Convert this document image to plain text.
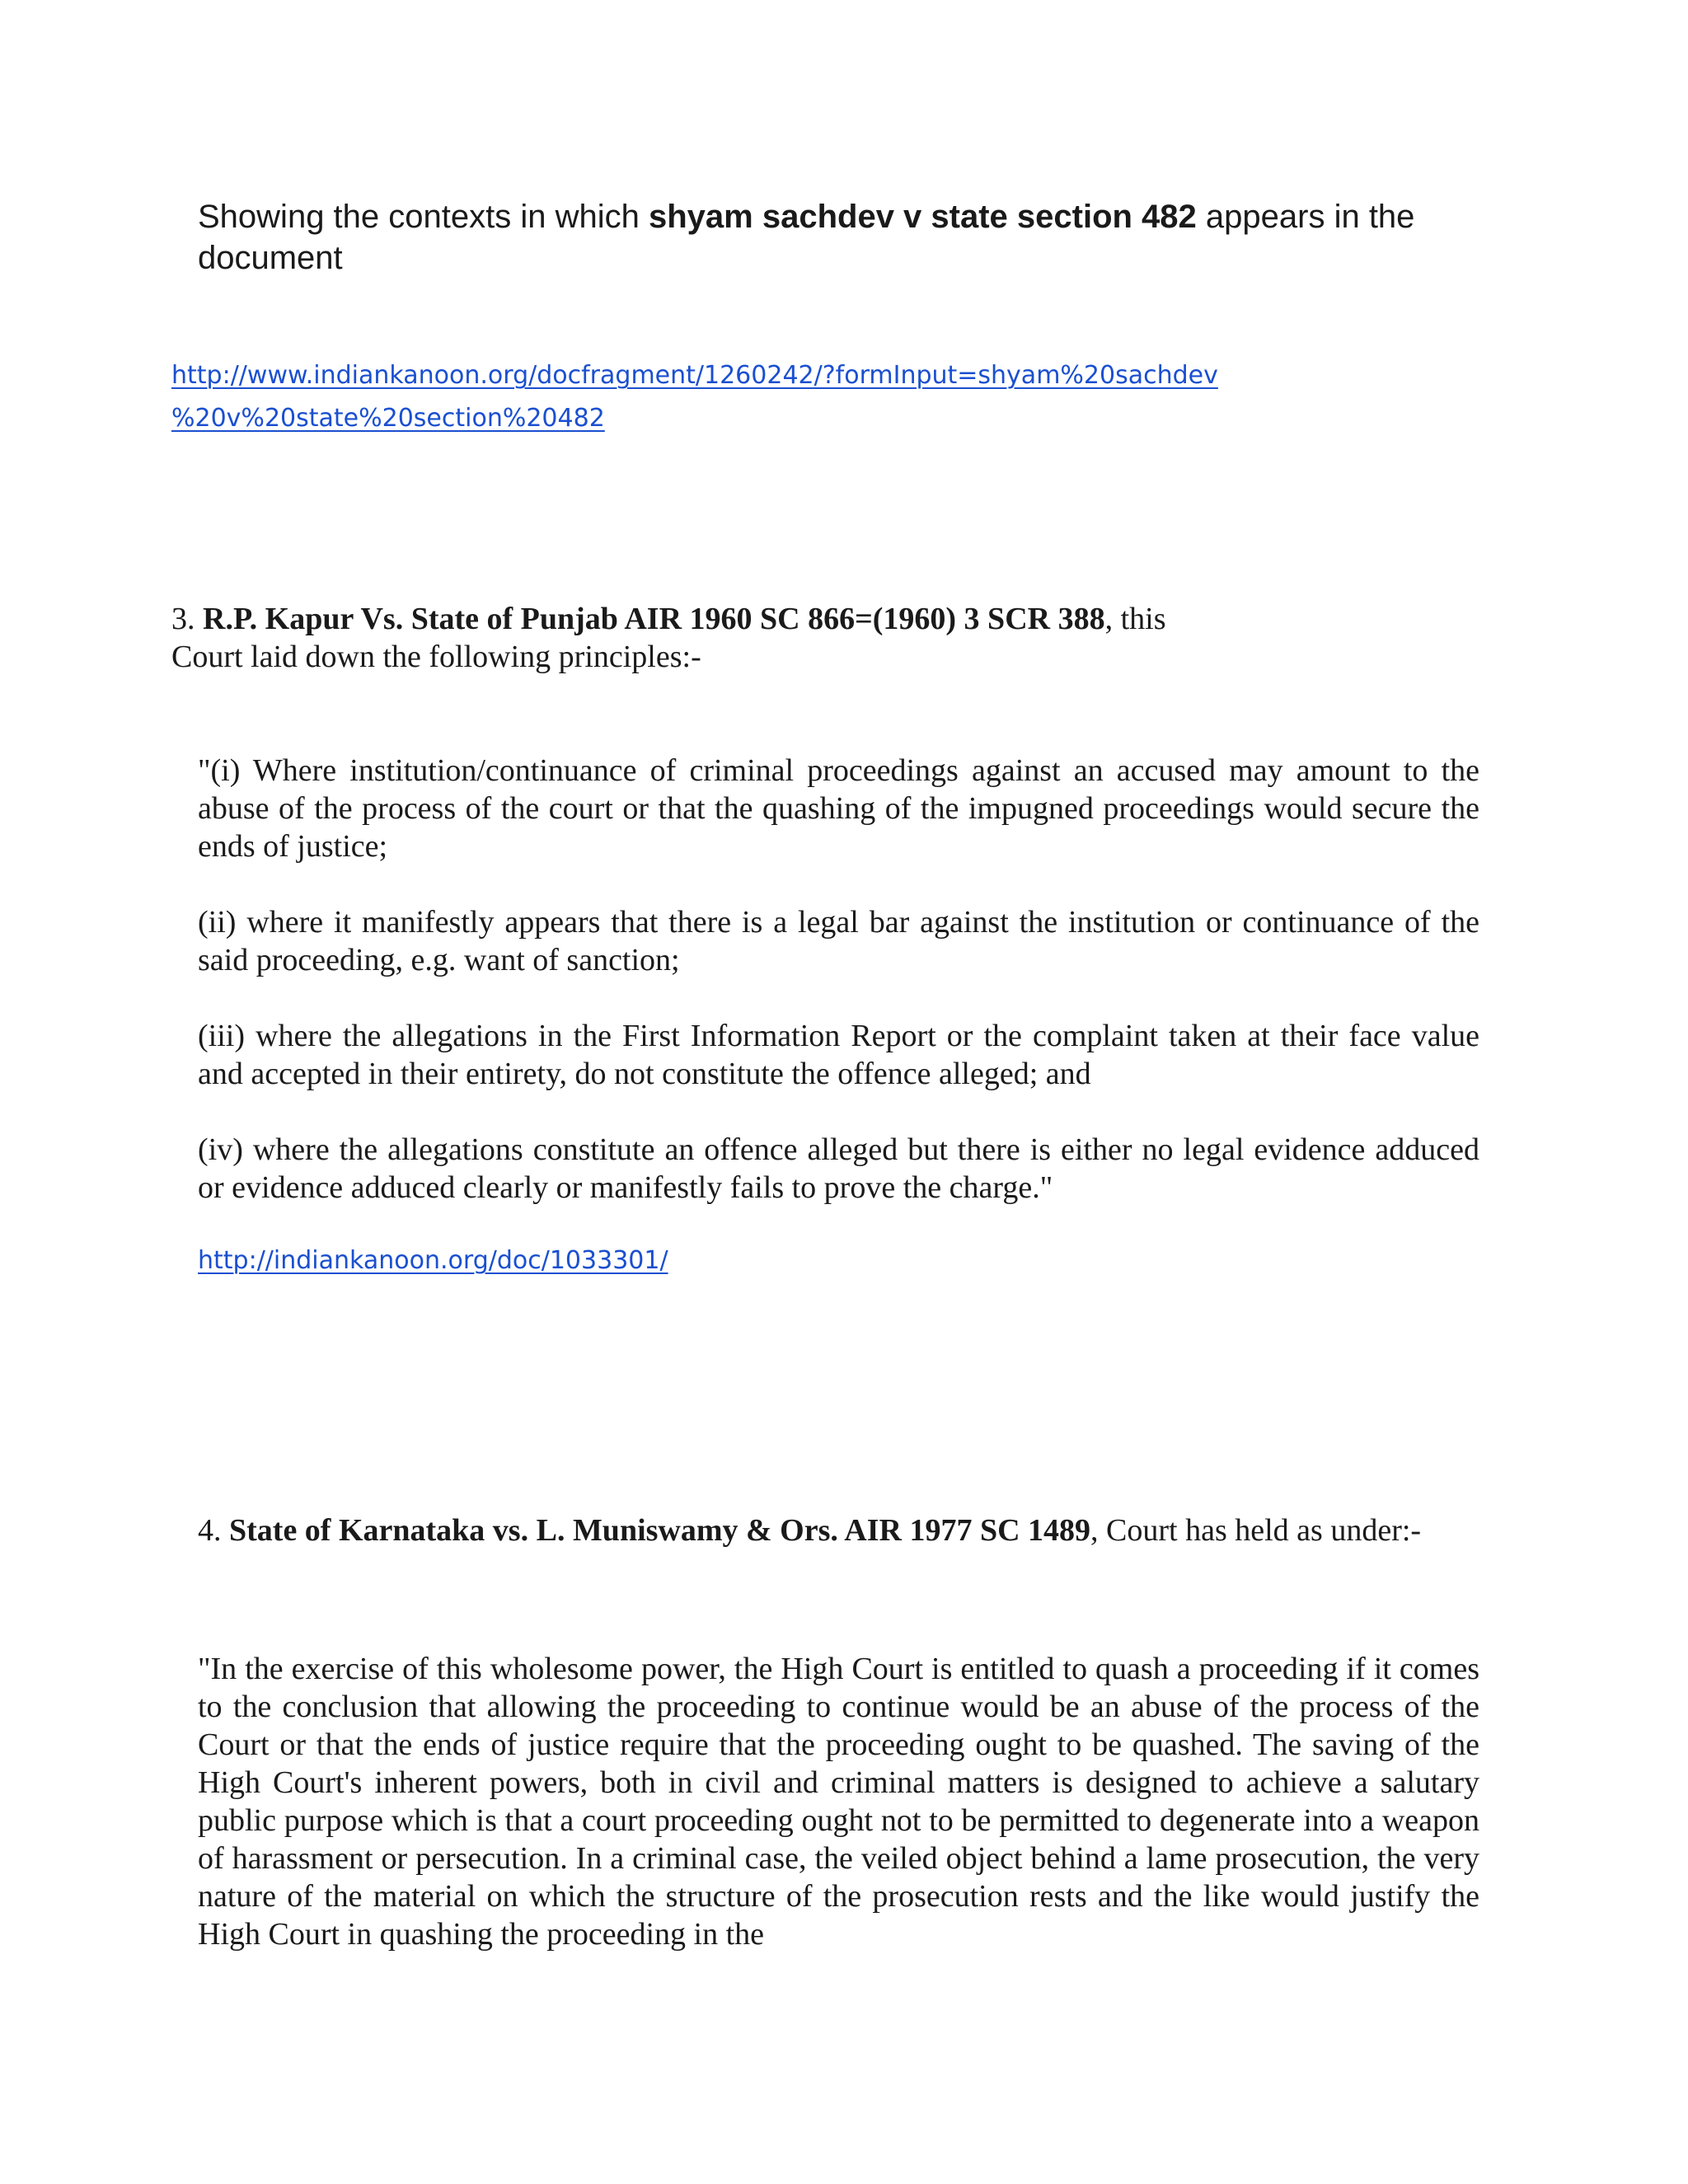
Showing the contexts in which shyam sachdev v state section 482 appears in the document
http://www.indiankanoon.org/docfragment/1260242/?formInput=shyam%20sachdev
%20v%20state%20section%20482
3. R.P. Kapur Vs. State of Punjab AIR 1960 SC 866=(1960) 3 SCR 388, this
Court laid down the following principles:-

"(i) Where institution/continuance of criminal proceedings against an accused may amount to the abuse of the process of the court or that the quashing of the impugned proceedings would secure the ends of justice;

(ii) where it manifestly appears that there is a legal bar against the institution or continuance of the said proceeding, e.g. want of sanction;

(iii) where the allegations in the First Information Report or the complaint taken at their face value and accepted in their entirety, do not constitute the offence alleged; and

(iv) where the allegations constitute an offence alleged but there is either no legal evidence adduced or evidence adduced clearly or manifestly fails to prove the charge."

http://indiankanoon.org/doc/1033301/
4. State of Karnataka vs. L. Muniswamy & Ors. AIR 1977 SC 1489, Court has held as under:-

"In the exercise of this wholesome power, the High Court is entitled to quash a proceeding if it comes to the conclusion that allowing the proceeding to continue would be an abuse of the process of the Court or that the ends of justice require that the proceeding ought to be quashed. The saving of the High Court's inherent powers, both in civil and criminal matters is designed to achieve a salutary public purpose which is that a court proceeding ought not to be permitted to degenerate into a weapon of harassment or persecution. In a criminal case, the veiled object behind a lame prosecution, the very nature of the material on which the structure of the prosecution rests and the like would justify the High Court in quashing the proceeding in the
